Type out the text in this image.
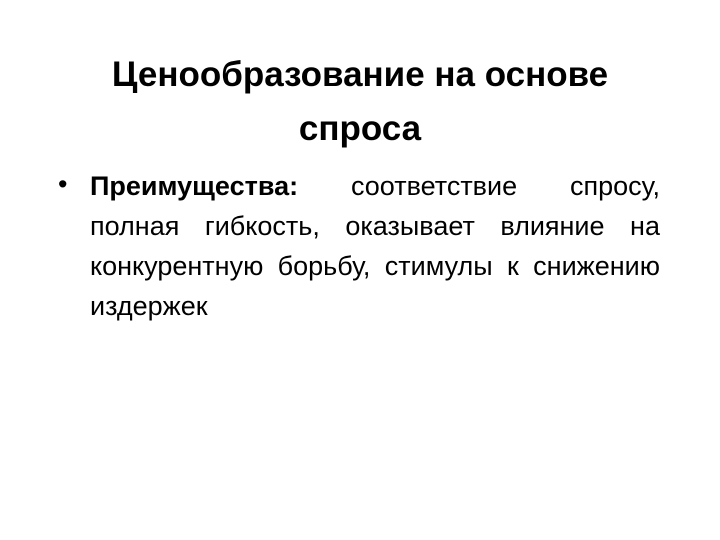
Ценообразование на основе
спроса
• Преимущества: соответствие спросу, полная гибкость, оказывает влияние на конкурентную борьбу, стимулы к снижению издержек
